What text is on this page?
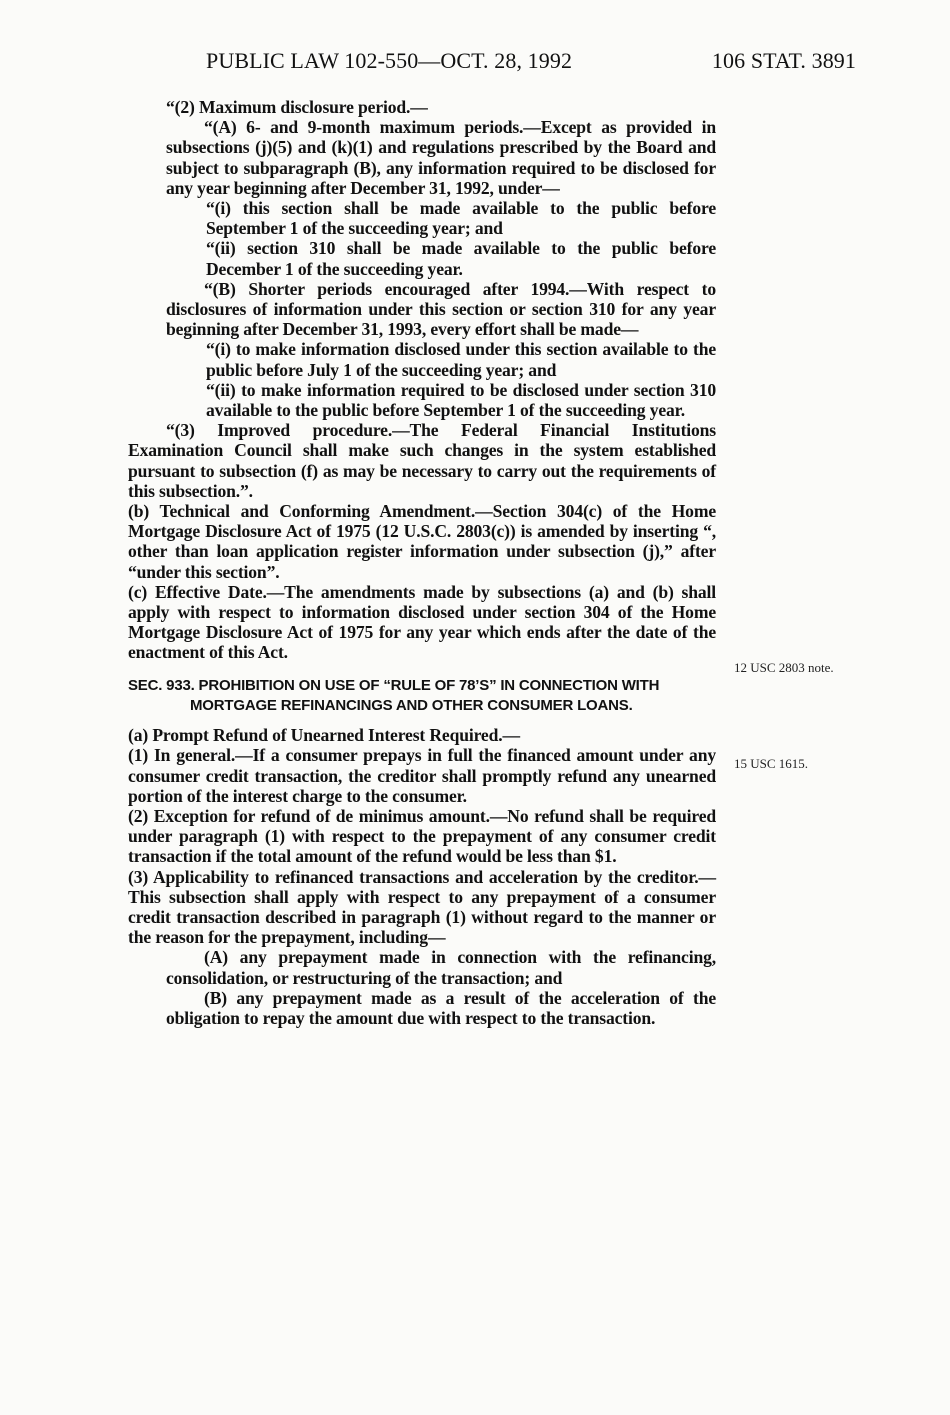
PUBLIC LAW 102-550—OCT. 28, 1992	106 STAT. 3891

“(2) Maximum disclosure period.—

“(A) 6- and 9-month maximum periods.—Except as provided in subsections (j)(5) and (k)(1) and regulations prescribed by the Board and subject to subparagraph (B), any information required to be disclosed for any year beginning after December 31, 1992, under—

“(i) this section shall be made available to the public before September 1 of the succeeding year; and

“(ii) section 310 shall be made available to the public before December 1 of the succeeding year.

“(B) Shorter periods encouraged after 1994.—With respect to disclosures of information under this section or section 310 for any year beginning after December 31, 1993, every effort shall be made—

“(i) to make information disclosed under this section available to the public before July 1 of the succeeding year; and

“(ii) to make information required to be disclosed under section 310 available to the public before September 1 of the succeeding year.

“(3) Improved procedure.—The Federal Financial Institutions Examination Council shall make such changes in the system established pursuant to subsection (f) as may be necessary to carry out the requirements of this subsection.”.

(b) Technical and Conforming Amendment.—Section 304(c) of the Home Mortgage Disclosure Act of 1975 (12 U.S.C. 2803(c)) is amended by inserting “, other than loan application register information under subsection (j),” after “under this section”.

(c) Effective Date.—The amendments made by subsections (a) and (b) shall apply with respect to information disclosed under section 304 of the Home Mortgage Disclosure Act of 1975 for any year which ends after the date of the enactment of this Act.

SEC. 933. PROHIBITION ON USE OF “RULE OF 78’S” IN CONNECTION WITH MORTGAGE REFINANCINGS AND OTHER CONSUMER LOANS.

(a) Prompt Refund of Unearned Interest Required.—

(1) In general.—If a consumer prepays in full the financed amount under any consumer credit transaction, the creditor shall promptly refund any unearned portion of the interest charge to the consumer.

(2) Exception for refund of de minimus amount.—No refund shall be required under paragraph (1) with respect to the prepayment of any consumer credit transaction if the total amount of the refund would be less than $1.

(3) Applicability to refinanced transactions and acceleration by the creditor.—This subsection shall apply with respect to any prepayment of a consumer credit transaction described in paragraph (1) without regard to the manner or the reason for the prepayment, including—

(A) any prepayment made in connection with the refinancing, consolidation, or restructuring of the transaction; and

(B) any prepayment made as a result of the acceleration of the obligation to repay the amount due with respect to the transaction.

12 USC 2803 note.
15 USC 1615.
